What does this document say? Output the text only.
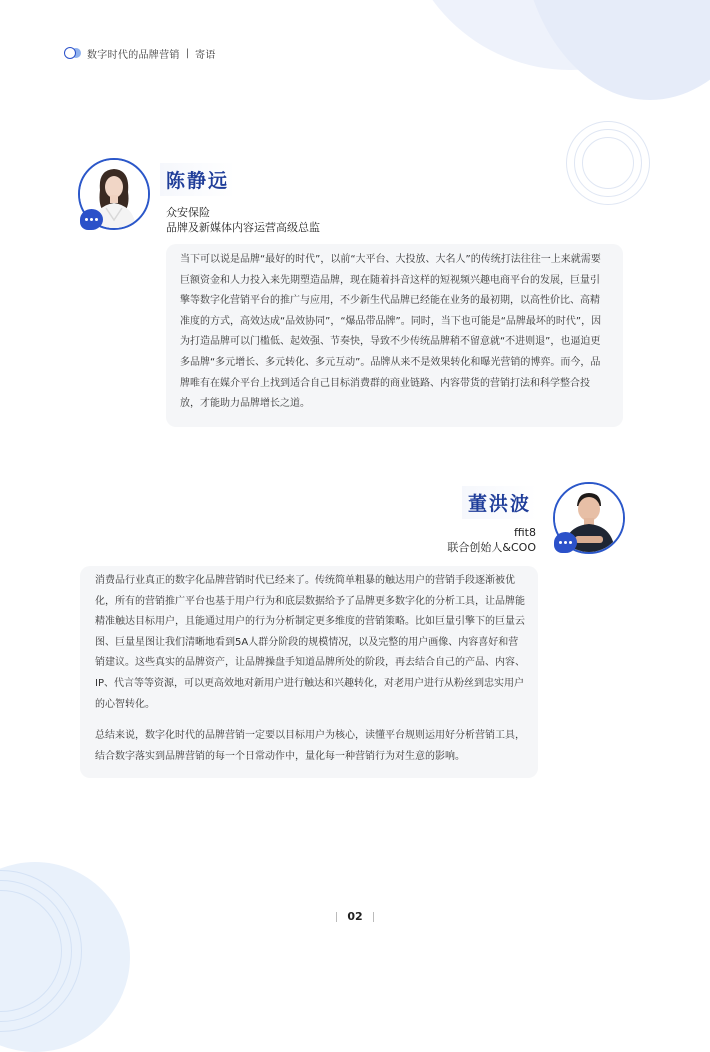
数字时代的品牌营销 | 寄语
陈静远
众安保险
品牌及新媒体内容运营高级总监

当下可以说是品牌“最好的时代”，以前“大平台、大投放、大名人”的传统打法往往一上来就需要巨额资金和人力投入来先期塑造品牌，现在随着抖音这样的短视频兴趣电商平台的发展，巨量引擎等数字化营销平台的推广与应用，不少新生代品牌已经能在业务的最初期，以高性价比、高精准度的方式，高效达成“品效协同”，“爆品带品牌”。同时，当下也可能是“品牌最坏的时代”，因为打造品牌可以门槛低、起效强、节奏快，导致不少传统品牌稍不留意就“不进则退”，也逼迫更多品牌“多元增长、多元转化、多元互动”。品牌从来不是效果转化和曝光营销的博弈。而今，品牌唯有在媒介平台上找到适合自己目标消费群的商业链路、内容带货的营销打法和科学整合投放，才能助力品牌增长之道。

董洪波
ffit8
联合创始人&COO

消费品行业真正的数字化品牌营销时代已经来了。传统简单粗暴的触达用户的营销手段逐渐被优化，所有的营销推广平台也基于用户行为和底层数据给予了品牌更多数字化的分析工具，让品牌能精准触达目标用户，且能通过用户的行为分析制定更多维度的营销策略。比如巨量引擎下的巨量云图、巨量星图让我们清晰地看到5A人群分阶段的规模情况，以及完整的用户画像、内容喜好和营销建议。这些真实的品牌资产，让品牌操盘手知道品牌所处的阶段，再去结合自己的产品、内容、IP、代言等等资源，可以更高效地对新用户进行触达和兴趣转化，对老用户进行从粉丝到忠实用户的心智转化。

总结来说，数字化时代的品牌营销一定要以目标用户为核心，读懂平台规则运用好分析营销工具，结合数字落实到品牌营销的每一个日常动作中，量化每一种营销行为对生意的影响。

02
